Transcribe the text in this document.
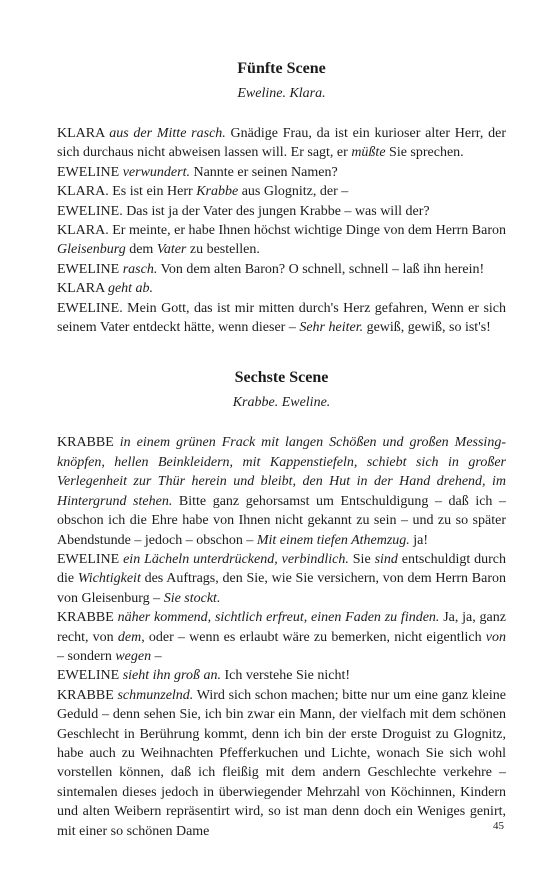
Fünfte Scene
Eweline. Klara.

KLARA aus der Mitte rasch. Gnädige Frau, da ist ein kurioser alter Herr, der sich durchaus nicht abweisen lassen will. Er sagt, er müßte Sie sprechen.

EWELINE verwundert. Nannte er seinen Namen?

KLARA. Es ist ein Herr Krabbe aus Glognitz, der –

EWELINE. Das ist ja der Vater des jungen Krabbe – was will der?

KLARA. Er meinte, er habe Ihnen höchst wichtige Dinge von dem Herrn Baron Gleisenburg dem Vater zu bestellen.

EWELINE rasch. Von dem alten Baron? O schnell, schnell – laß ihn herein!

KLARA geht ab.

EWELINE. Mein Gott, das ist mir mitten durch's Herz gefahren, Wenn er sich seinem Vater entdeckt hätte, wenn dieser – Sehr heiter. gewiß, gewiß, so ist's!

Sechste Scene
Krabbe. Eweline.

KRABBE in einem grünen Frack mit langen Schößen und großen Messingknöpfen, hellen Beinkleidern, mit Kappenstiefeln, schiebt sich in großer Verlegenheit zur Thür herein und bleibt, den Hut in der Hand drehend, im Hintergrund stehen. Bitte ganz gehorsamst um Entschuldigung – daß ich – obschon ich die Ehre habe von Ihnen nicht gekannt zu sein – und zu so später Abendstunde – jedoch – obschon – Mit einem tiefen Athemzug. ja!

EWELINE ein Lächeln unterdrückend, verbindlich. Sie sind entschuldigt durch die Wichtigkeit des Auftrags, den Sie, wie Sie versichern, von dem Herrn Baron von Gleisenburg – Sie stockt.

KRABBE näher kommend, sichtlich erfreut, einen Faden zu finden. Ja, ja, ganz recht, von dem, oder – wenn es erlaubt wäre zu bemerken, nicht eigentlich von – sondern wegen –

EWELINE sieht ihn groß an. Ich verstehe Sie nicht!

KRABBE schmunzelnd. Wird sich schon machen; bitte nur um eine ganz kleine Geduld – denn sehen Sie, ich bin zwar ein Mann, der vielfach mit dem schönen Geschlecht in Berührung kommt, denn ich bin der erste Droguist zu Glognitz, habe auch zu Weihnachten Pfefferkuchen und Lichte, wonach Sie sich wohl vorstellen können, daß ich fleißig mit dem andern Geschlechte verkehre – sintemalen dieses jedoch in überwiegender Mehrzahl von Köchinnen, Kindern und alten Weibern repräsentirt wird, so ist man denn doch ein Weniges genirt, mit einer so schönen Dame	45
